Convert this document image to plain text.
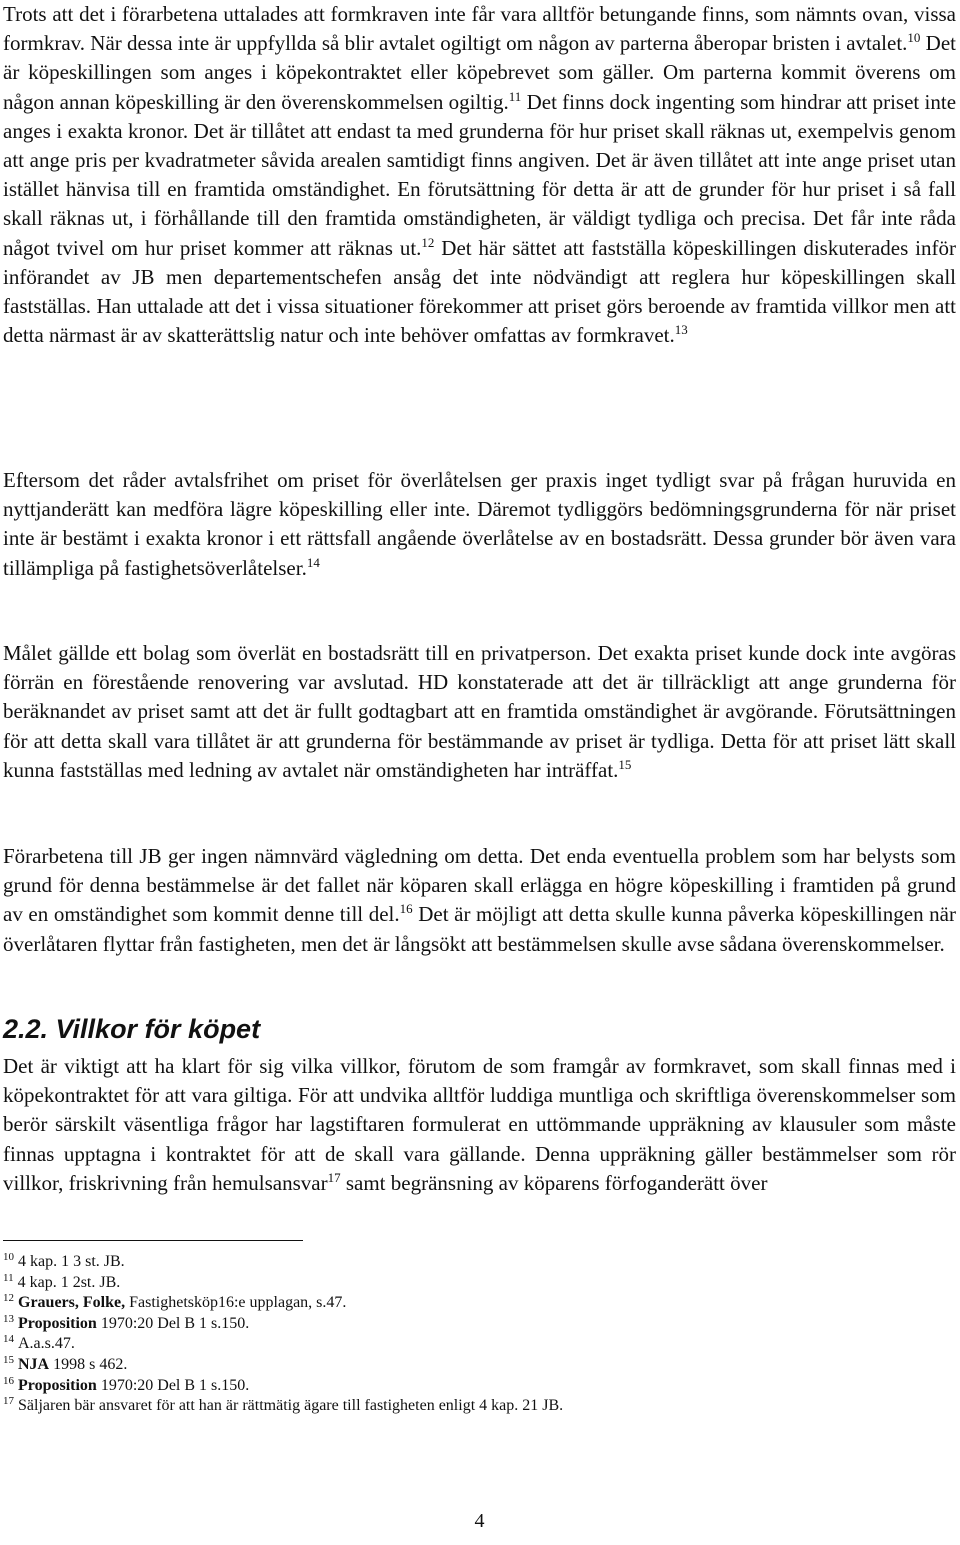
Trots att det i förarbetena uttalades att formkraven inte får vara alltför betungande finns, som nämnts ovan, vissa formkrav. När dessa inte är uppfyllda så blir avtalet ogiltigt om någon av parterna åberopar bristen i avtalet.$^{10}$ Det är köpeskillingen som anges i köpekontraktet eller köpebrevet som gäller. Om parterna kommit överens om någon annan köpeskilling är den överenskommelsen ogiltig.$^{11}$ Det finns dock ingenting som hindrar att priset inte anges i exakta kronor. Det är tillåtet att endast ta med grunderna för hur priset skall räknas ut, exempelvis genom att ange pris per kvadratmeter såvida arealen samtidigt finns angiven. Det är även tillåtet att inte ange priset utan istället hänvisa till en framtida omständighet. En förutsättning för detta är att de grunder för hur priset i så fall skall räknas ut, i förhållande till den framtida omständigheten, är väldigt tydliga och precisa. Det får inte råda något tvivel om hur priset kommer att räknas ut.$^{12}$ Det här sättet att fastställa köpeskillingen diskuterades inför införandet av JB men departementschefen ansåg det inte nödvändigt att reglera hur köpeskillingen skall fastställas. Han uttalade att det i vissa situationer förekommer att priset görs beroende av framtida villkor men att detta närmast är av skatterättslig natur och inte behöver omfattas av formkravet.$^{13}$

Eftersom det råder avtalsfrihet om priset för överlåtelsen ger praxis inget tydligt svar på frågan huruvida en nyttjanderätt kan medföra lägre köpeskilling eller inte. Däremot tydliggörs bedömningsgrunderna för när priset inte är bestämt i exakta kronor i ett rättsfall angående överlåtelse av en bostadsrätt. Dessa grunder bör även vara tillämpliga på fastighetsöverlåtelser.$^{14}$

Målet gällde ett bolag som överlät en bostadsrätt till en privatperson. Det exakta priset kunde dock inte avgöras förrän en förestående renovering var avslutad. HD konstaterade att det är tillräckligt att ange grunderna för beräknandet av priset samt att det är fullt godtagbart att en framtida omständighet är avgörande. Förutsättningen för att detta skall vara tillåtet är att grunderna för bestämmande av priset är tydliga. Detta för att priset lätt skall kunna fastställas med ledning av avtalet när omständigheten har inträffat.$^{15}$

Förarbetena till JB ger ingen nämnvärd vägledning om detta. Det enda eventuella problem som har belysts som grund för denna bestämmelse är det fallet när köparen skall erlägga en högre köpeskilling i framtiden på grund av en omständighet som kommit denne till del.$^{16}$ Det är möjligt att detta skulle kunna påverka köpeskillingen när överlåtaren flyttar från fastigheten, men det är långsökt att bestämmelsen skulle avse sådana överenskommelser.

2.2. Villkor för köpet

Det är viktigt att ha klart för sig vilka villkor, förutom de som framgår av formkravet, som skall finnas med i köpekontraktet för att vara giltiga. För att undvika alltför luddiga muntliga och skriftliga överenskommelser som berör särskilt väsentliga frågor har lagstiftaren formulerat en uttömmande uppräkning av klausuler som måste finnas upptagna i kontraktet för att de skall vara gällande. Denna uppräkning gäller bestämmelser som rör villkor, friskrivning från hemulsansvar$^{17}$ samt begränsning av köparens förfoganderätt över

$^{10}$ 4 kap. 1 3 st. JB.

$^{11}$ 4 kap. 1 2st. JB.

$^{12}$ Grauers, Folke, Fastighetsköp16:e upplagan, s.47.

$^{13}$ Proposition 1970:20 Del B 1 s.150.

$^{14}$ A.a.s.47.

$^{15}$ NJA 1998 s 462.

$^{16}$ Proposition 1970:20 Del B 1 s.150.

$^{17}$ Säljaren bär ansvaret för att han är rättmätig ägare till fastigheten enligt 4 kap. 21 JB.

4
